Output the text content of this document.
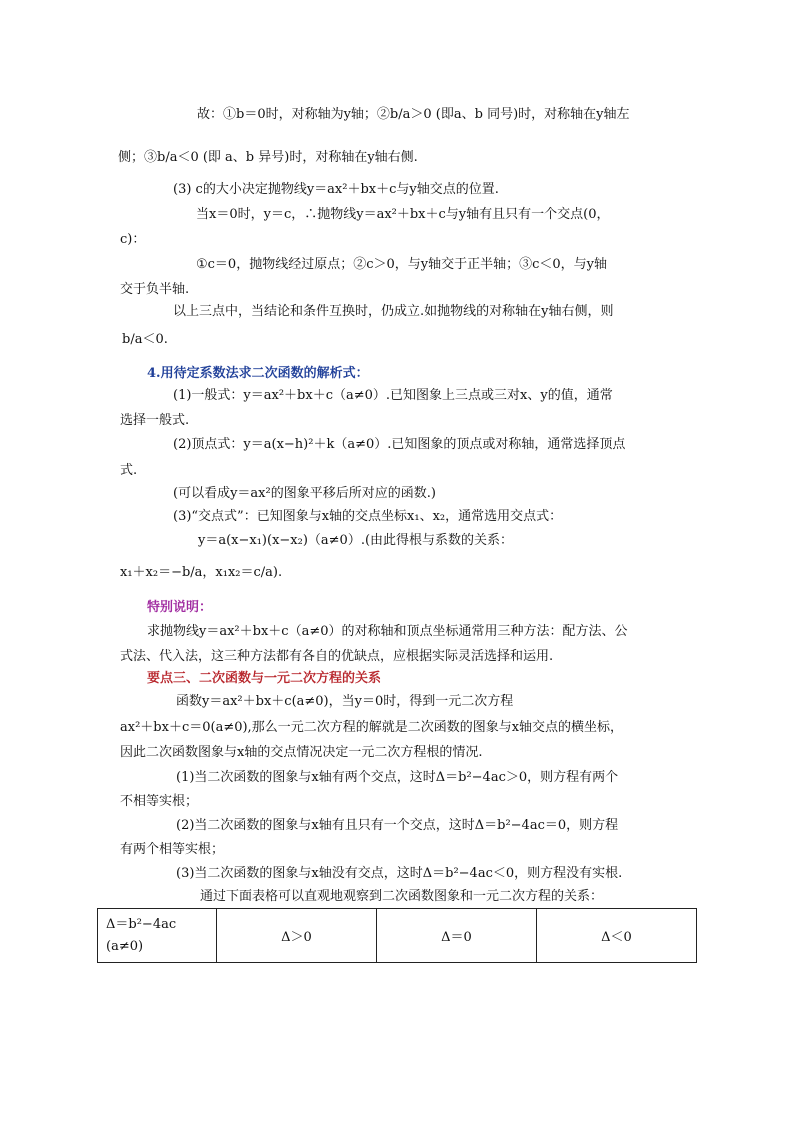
故：①b＝0时，对称轴为y轴；②b/a＞0 (即a、b 同号)时，对称轴在y轴左
侧；③b/a＜0 (即 a、b 异号)时，对称轴在y轴右侧.
(3) c的大小决定抛物线y＝ax²＋bx＋c与y轴交点的位置.
当x＝0时，y＝c，∴抛物线y＝ax²＋bx＋c与y轴有且只有一个交点(0，
c)：
①c＝0，抛物线经过原点；②c＞0，与y轴交于正半轴；③c＜0，与y轴
交于负半轴.
以上三点中，当结论和条件互换时，仍成立.如抛物线的对称轴在y轴右侧，则
b/a＜0.
4.用待定系数法求二次函数的解析式：
(1)一般式：y＝ax²＋bx＋c（a≠0）.已知图象上三点或三对x、y的值，通常
选择一般式.
(2)顶点式：y＝a(x−h)²＋k（a≠0）.已知图象的顶点或对称轴，通常选择顶点
式.
(可以看成y＝ax²的图象平移后所对应的函数.)
(3)“交点式”：已知图象与x轴的交点坐标x₁、x₂，通常选用交点式：
y＝a(x−x₁)(x−x₂)（a≠0）.(由此得根与系数的关系：
x₁＋x₂＝−b/a，x₁x₂＝c/a).
特别说明：
求抛物线y＝ax²＋bx＋c（a≠0）的对称轴和顶点坐标通常用三种方法：配方法、公
式法、代入法，这三种方法都有各自的优缺点，应根据实际灵活选择和运用.
要点三、二次函数与一元二次方程的关系
函数y＝ax²＋bx＋c(a≠0)，当y＝0时，得到一元二次方程
ax²＋bx＋c＝0(a≠0),那么一元二次方程的解就是二次函数的图象与x轴交点的横坐标，
因此二次函数图象与x轴的交点情况决定一元二次方程根的情况.
(1)当二次函数的图象与x轴有两个交点，这时Δ＝b²−4ac＞0，则方程有两个
不相等实根；
(2)当二次函数的图象与x轴有且只有一个交点，这时Δ＝b²−4ac＝0，则方程
有两个相等实根；
(3)当二次函数的图象与x轴没有交点，这时Δ＝b²−4ac＜0，则方程没有实根.
通过下面表格可以直观地观察到二次函数图象和一元二次方程的关系：
Δ＝b²−4ac
(a≠0)
	Δ＞0	Δ＝0	Δ＜0
